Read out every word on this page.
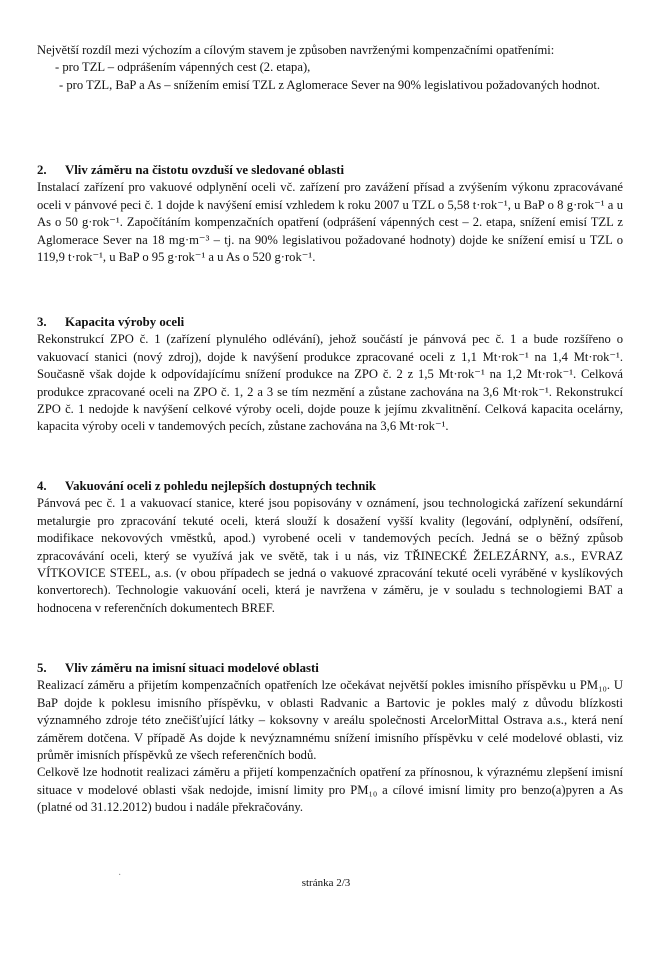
Největší rozdíl mezi výchozím a cílovým stavem je způsoben navrženými kompenzačními opatřeními:

- pro TZL – odprášením vápenných cest (2. etapa),
- pro TZL, BaP a As – snížením emisí TZL z Aglomerace Sever na 90% legislativou požadovaných hodnot.
2. Vliv záměru na čistotu ovzduší ve sledované oblasti

Instalací zařízení pro vakuové odplynění oceli vč. zařízení pro zavážení přísad a zvýšením výkonu zpracovávané oceli v pánvové peci č. 1 dojde k navýšení emisí vzhledem k roku 2007 u TZL o 5,58 t·rok⁻¹, u BaP o 8 g·rok⁻¹ a u As o 50 g·rok⁻¹. Započítáním kompenzačních opatření (odprášení vápenných cest – 2. etapa, snížení emisí TZL z Aglomerace Sever na 18 mg·m⁻³ – tj. na 90% legislativou požadované hodnoty) dojde ke snížení emisí u TZL o 119,9 t·rok⁻¹, u BaP o 95 g·rok⁻¹ a u As o 520 g·rok⁻¹.

3. Kapacita výroby oceli

Rekonstrukcí ZPO č. 1 (zařízení plynulého odlévání), jehož součástí je pánvová pec č. 1 a bude rozšířeno o vakuovací stanici (nový zdroj), dojde k navýšení produkce zpracované oceli z 1,1 Mt·rok⁻¹ na 1,4 Mt·rok⁻¹. Současně však dojde k odpovídajícímu snížení produkce na ZPO č. 2 z 1,5 Mt·rok⁻¹ na 1,2 Mt·rok⁻¹. Celková produkce zpracované oceli na ZPO č. 1, 2 a 3 se tím nezmění a zůstane zachována na 3,6 Mt·rok⁻¹. Rekonstrukcí ZPO č. 1 nedojde k navýšení celkové výroby oceli, dojde pouze k jejímu zkvalitnění. Celková kapacita ocelárny, kapacita výroby oceli v tandemových pecích, zůstane zachována na 3,6 Mt·rok⁻¹.

4. Vakuování oceli z pohledu nejlepších dostupných technik

Pánvová pec č. 1 a vakuovací stanice, které jsou popisovány v oznámení, jsou technologická zařízení sekundární metalurgie pro zpracování tekuté oceli, která slouží k dosažení vyšší kvality (legování, odplynění, odsíření, modifikace nekovových vměstků, apod.) vyrobené oceli v tandemových pecích. Jedná se o běžný způsob zpracovávání oceli, který se využívá jak ve světě, tak i u nás, viz TŘINECKÉ ŽELEZÁRNY, a.s., EVRAZ VÍTKOVICE STEEL, a.s. (v obou případech se jedná o vakuové zpracování tekuté oceli vyráběné v kyslíkových konvertorech). Technologie vakuování oceli, která je navržena v záměru, je v souladu s technologiemi BAT a hodnocena v referenčních dokumentech BREF.

5. Vliv záměru na imisní situaci modelové oblasti

Realizací záměru a přijetím kompenzačních opatřeních lze očekávat největší pokles imisního příspěvku u PM₁₀. U BaP dojde k poklesu imisního příspěvku, v oblasti Radvanic a Bartovic je pokles malý z důvodu blízkosti významného zdroje této znečišťující látky – koksovny v areálu společnosti ArcelorMittal Ostrava a.s., která není záměrem dotčena. V případě As dojde k nevýznamnému snížení imisního příspěvku v celé modelové oblasti, viz průměr imisních příspěvků ze všech referenčních bodů.

Celkově lze hodnotit realizaci záměru a přijetí kompenzačních opatření za přínosnou, k výraznému zlepšení imisní situace v modelové oblasti však nedojde, imisní limity pro PM₁₀ a cílové imisní limity pro benzo(a)pyren a As (platné od 31.12.2012) budou i nadále překračovány.

·
stránka 2/3
